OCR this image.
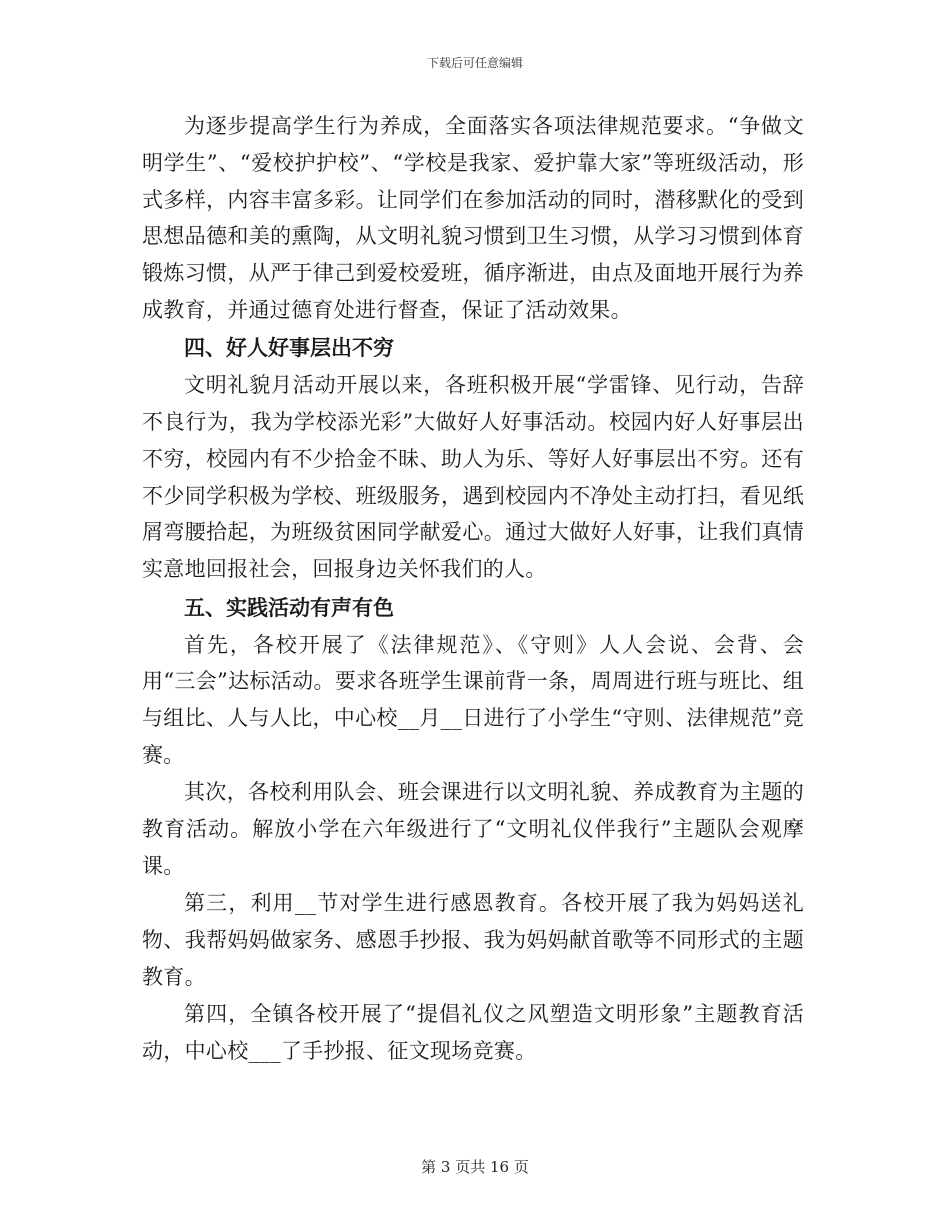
下载后可任意编辑

为逐步提高学生行为养成，全面落实各项法律规范要求。“争做文明学生”、“爱校护护校”、“学校是我家、爱护靠大家”等班级活动，形式多样，内容丰富多彩。让同学们在参加活动的同时，潜移默化的受到思想品德和美的熏陶，从文明礼貌习惯到卫生习惯，从学习习惯到体育锻炼习惯，从严于律己到爱校爱班，循序渐进，由点及面地开展行为养成教育，并通过德育处进行督查，保证了活动效果。

四、好人好事层出不穷

文明礼貌月活动开展以来，各班积极开展“学雷锋、见行动，告辞不良行为，我为学校添光彩”大做好人好事活动。校园内好人好事层出不穷，校园内有不少拾金不昧、助人为乐、等好人好事层出不穷。还有不少同学积极为学校、班级服务，遇到校园内不净处主动打扫，看见纸屑弯腰拾起，为班级贫困同学献爱心。通过大做好人好事，让我们真情实意地回报社会，回报身边关怀我们的人。

五、实践活动有声有色

首先，各校开展了《法律规范》、《守则》人人会说、会背、会用“三会”达标活动。要求各班学生课前背一条，周周进行班与班比、组与组比、人与人比，中心校__月__日进行了小学生“守则、法律规范”竞赛。

其次，各校利用队会、班会课进行以文明礼貌、养成教育为主题的教育活动。解放小学在六年级进行了“文明礼仪伴我行”主题队会观摩课。

第三，利用__节对学生进行感恩教育。各校开展了我为妈妈送礼物、我帮妈妈做家务、感恩手抄报、我为妈妈献首歌等不同形式的主题教育。

第四，全镇各校开展了“提倡礼仪之风塑造文明形象”主题教育活动，中心校___了手抄报、征文现场竞赛。

第 3 页共 16 页
